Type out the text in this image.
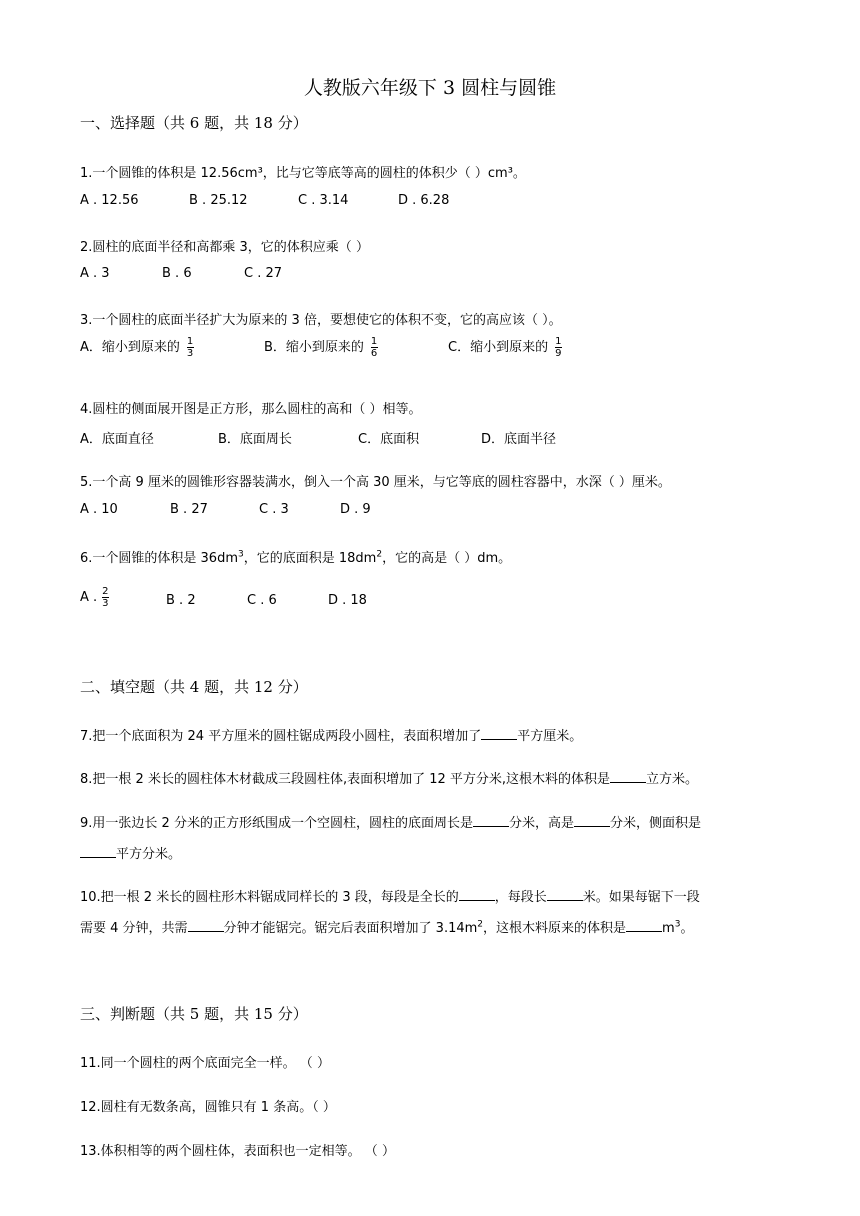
人教版六年级下 3 圆柱与圆锥
一、选择题（共 6 题，共 18 分）
1.一个圆锥的体积是 12.56cm³，比与它等底等高的圆柱的体积少（ ）cm³。
A . 12.56	B . 25.12	C . 3.14	D . 6.28
2.圆柱的底面半径和高都乘 3，它的体积应乘（ ）
A . 3	B . 6	C . 27
3.一个圆柱的底面半径扩大为原来的 3 倍，要想使它的体积不变，它的高应该（ ）。
A．缩小到原来的 $\frac{1}{3}$	B．缩小到原来的 $\frac{1}{6}$	C．缩小到原来的 $\frac{1}{9}$
4.圆柱的侧面展开图是正方形，那么圆柱的高和（ ）相等。
A．底面直径	B．底面周长	C．底面积	D．底面半径
5.一个高 9 厘米的圆锥形容器装满水，倒入一个高 30 厘米，与它等底的圆柱容器中，水深（ ）厘米。
A . 10	B . 27	C . 3	D . 9
6.一个圆锥的体积是 $36dm^3$，它的底面积是 $18dm^2$，它的高是（ ）dm。
A . $\frac{2}{3}$	B . 2	C . 6	D . 18
二、填空题（共 4 题，共 12 分）
7.把一个底面积为 24 平方厘米的圆柱锯成两段小圆柱，表面积增加了	平方厘米。
8.把一根 2 米长的圆柱体木材截成三段圆柱体,表面积增加了 12 平方分米,这根木料的体积是	立方米。
9.用一张边长 2 分米的正方形纸围成一个空圆柱，圆柱的底面周长是	分米，高是	分米，侧面积是
平方分米。
10.把一根 2 米长的圆柱形木料锯成同样长的 3 段，每段是全长的	，每段长	米。如果每锯下一段
需要 4 分钟，共需	分钟才能锯完。锯完后表面积增加了 $3.14m^2$，这根木料原来的体积是	$m^3$。
三、判断题（共 5 题，共 15 分）
11.同一个圆柱的两个底面完全一样。 （ ）
12.圆柱有无数条高，圆锥只有 1 条高。（ ）
13.体积相等的两个圆柱体，表面积也一定相等。 （ ）
